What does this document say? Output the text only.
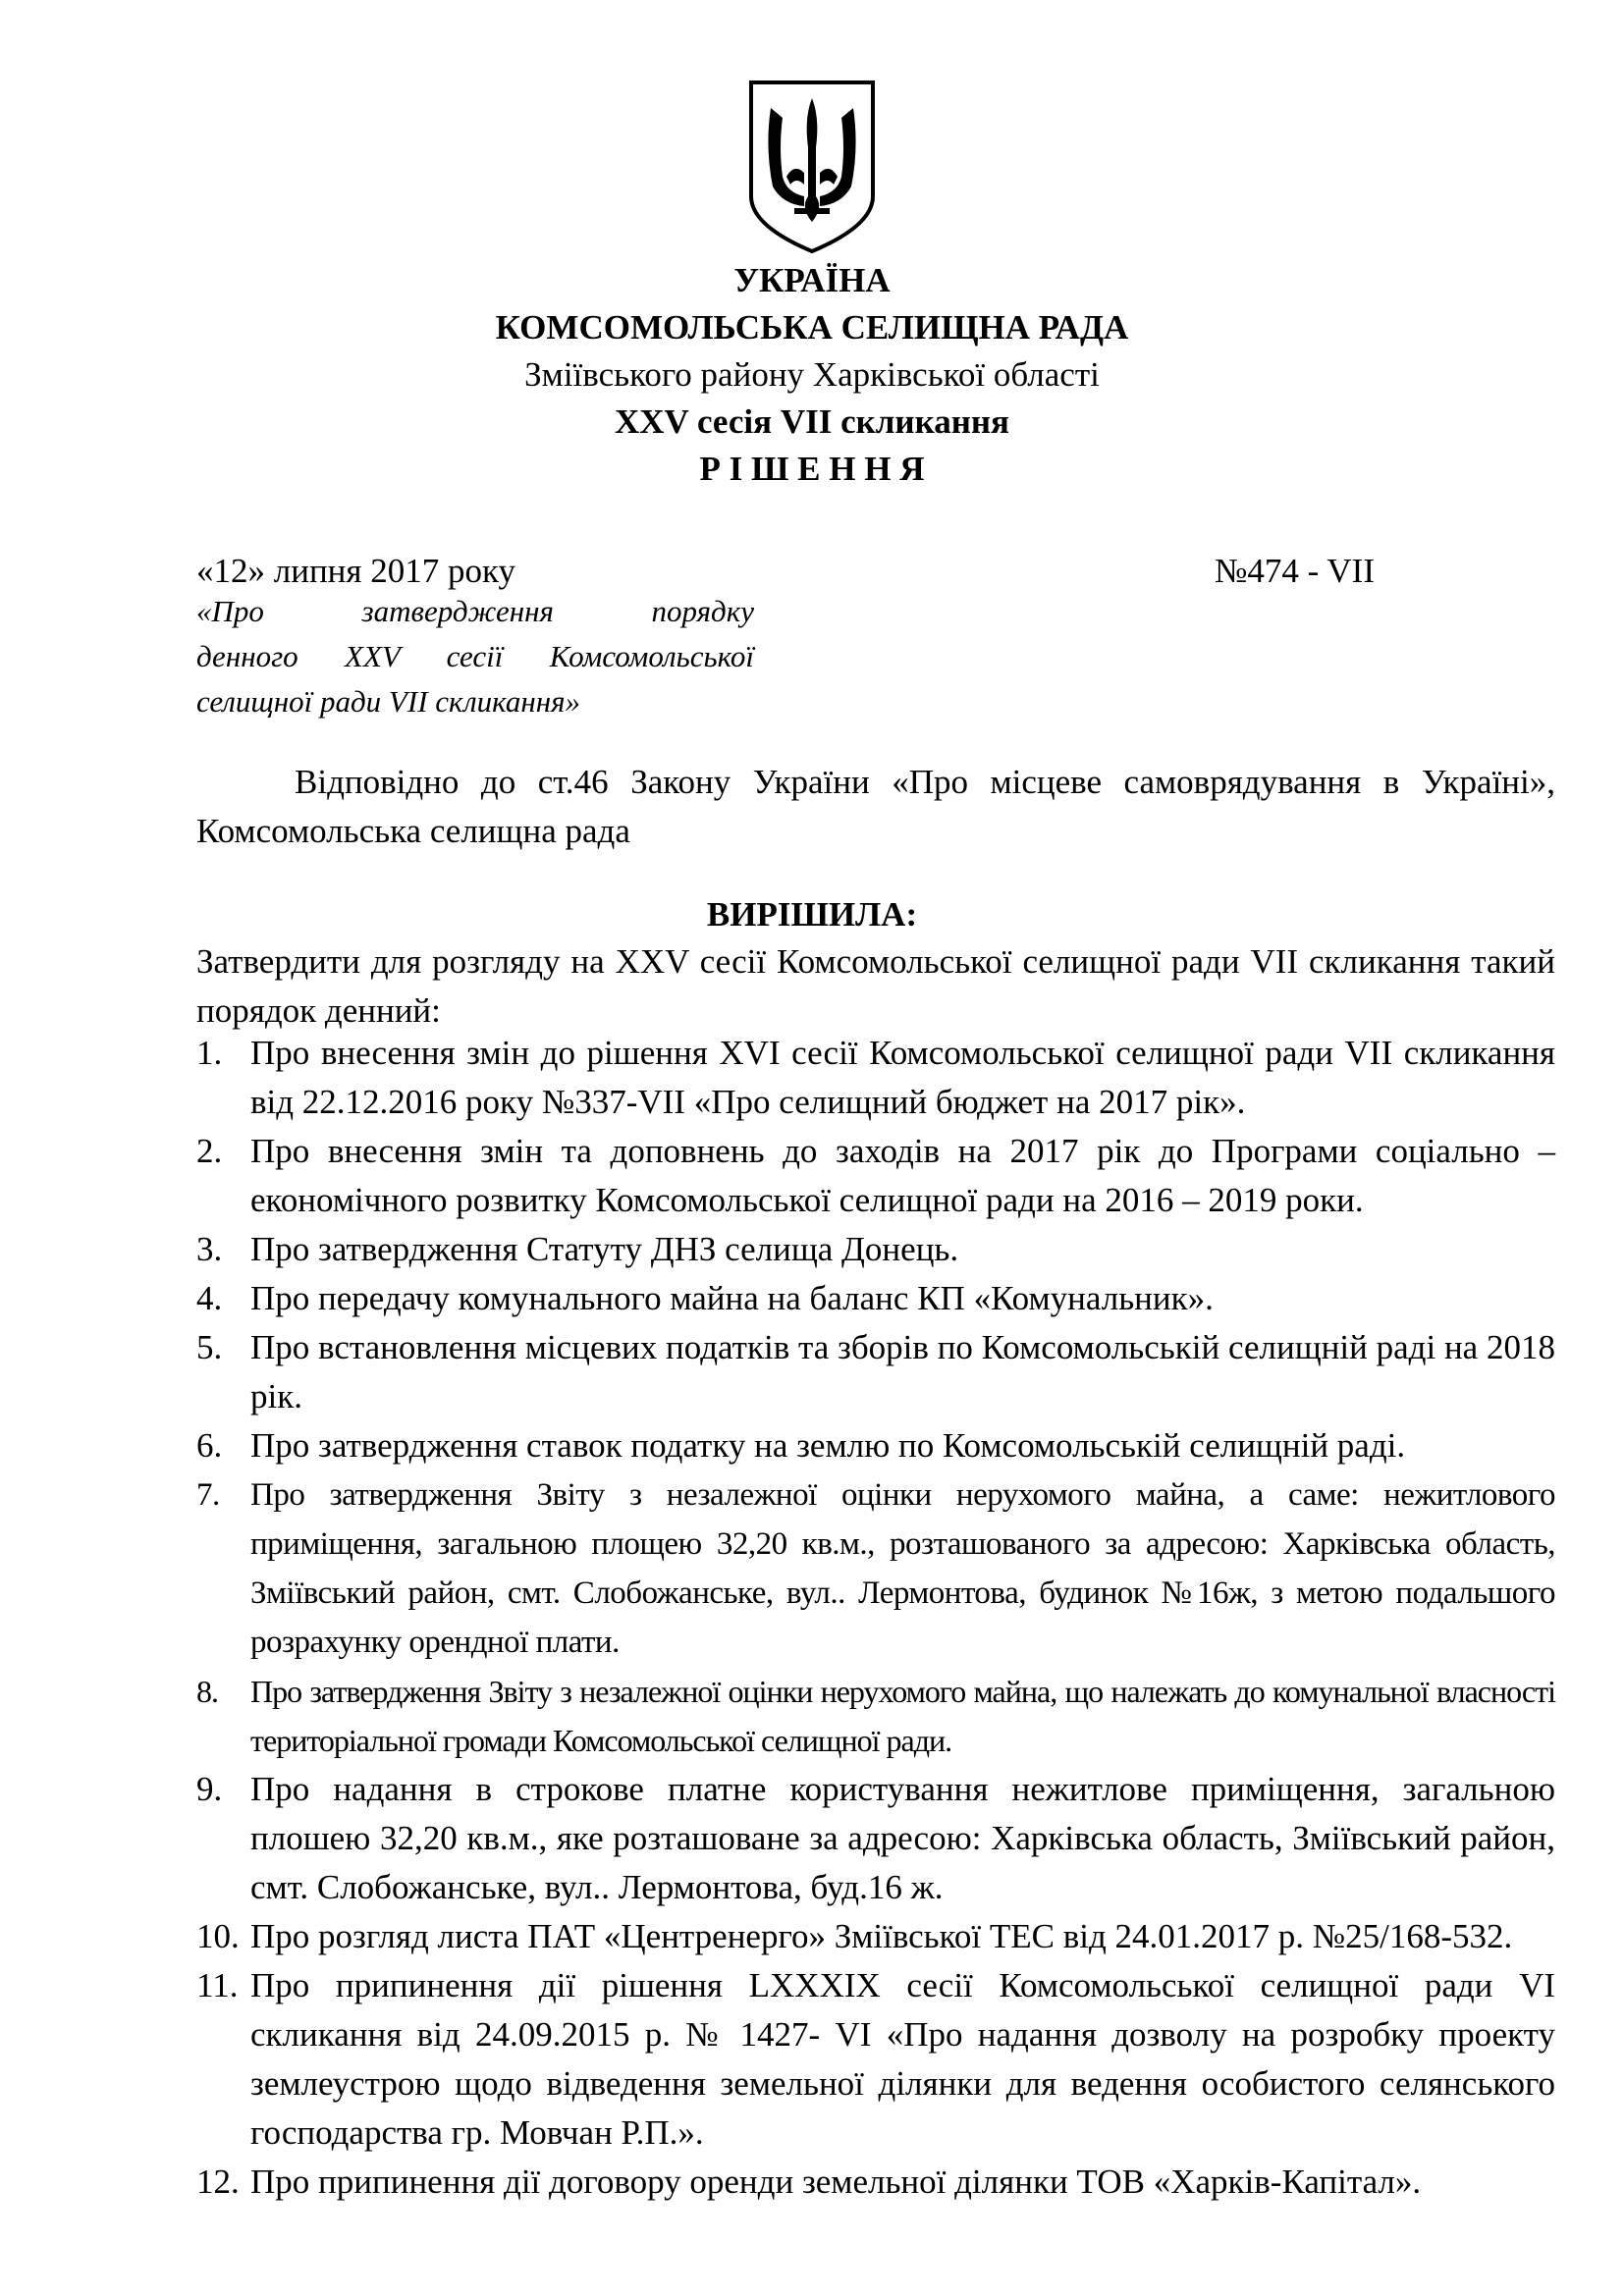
УКРАЇНА
КОМСОМОЛЬСЬКА СЕЛИЩНА РАДА
Зміївського району Харківської області
XXV сесія VII скликання
Р І Ш Е Н Н Я
«12» липня 2017 року	№474 - VII
«Про затвердження порядку
денного XXV сесії Комсомольської
селищної ради VII скликання»
Відповідно до ст.46 Закону України «Про місцеве самоврядування в Україні», Комсомольська селищна рада
ВИРІШИЛА:
Затвердити для розгляду на XXV сесії Комсомольської селищної ради VII скликання такий порядок денний:
1. Про внесення змін до рішення XVI сесії Комсомольської селищної ради VII скликання від 22.12.2016 року №337-VII «Про селищний бюджет на 2017 рік».
2. Про внесення змін та доповнень до заходів на 2017 рік до Програми соціально – економічного розвитку Комсомольської селищної ради на 2016 – 2019 роки.
3. Про затвердження Статуту ДНЗ селища Донець.
4. Про передачу комунального майна на баланс КП «Комунальник».
5. Про встановлення місцевих податків та зборів по Комсомольській селищній раді на 2018 рік.
6. Про затвердження ставок податку на землю по Комсомольській селищній раді.
7. Про затвердження Звіту з незалежної оцінки нерухомого майна, а саме: нежитлового приміщення, загальною площею 32,20 кв.м., розташованого за адресою: Харківська область, Зміївський район, смт. Слобожанське, вул.. Лермонтова, будинок №16ж, з метою подальшого розрахунку орендної плати.
8. Про затвердження Звіту з незалежної оцінки нерухомого майна, що належать до комунальної власності територіальної громади Комсомольської селищної ради.
9. Про надання в строкове платне користування нежитлове приміщення, загальною плошею 32,20 кв.м., яке розташоване за адресою: Харківська область, Зміївський район, смт. Слобожанське, вул.. Лермонтова, буд.16 ж.
10. Про розгляд листа ПАТ «Центренерго» Зміївської ТЕС від 24.01.2017 р. №25/168-532.
11. Про припинення дії рішення LXXXIX сесії Комсомольської селищної ради VI скликання від 24.09.2015 р. № 1427- VI «Про надання дозволу на розробку проекту землеустрою щодо відведення земельної ділянки для ведення особистого селянського господарства гр. Мовчан Р.П.».
12. Про припинення дії договору оренди земельної ділянки ТОВ «Харків-Капітал».
